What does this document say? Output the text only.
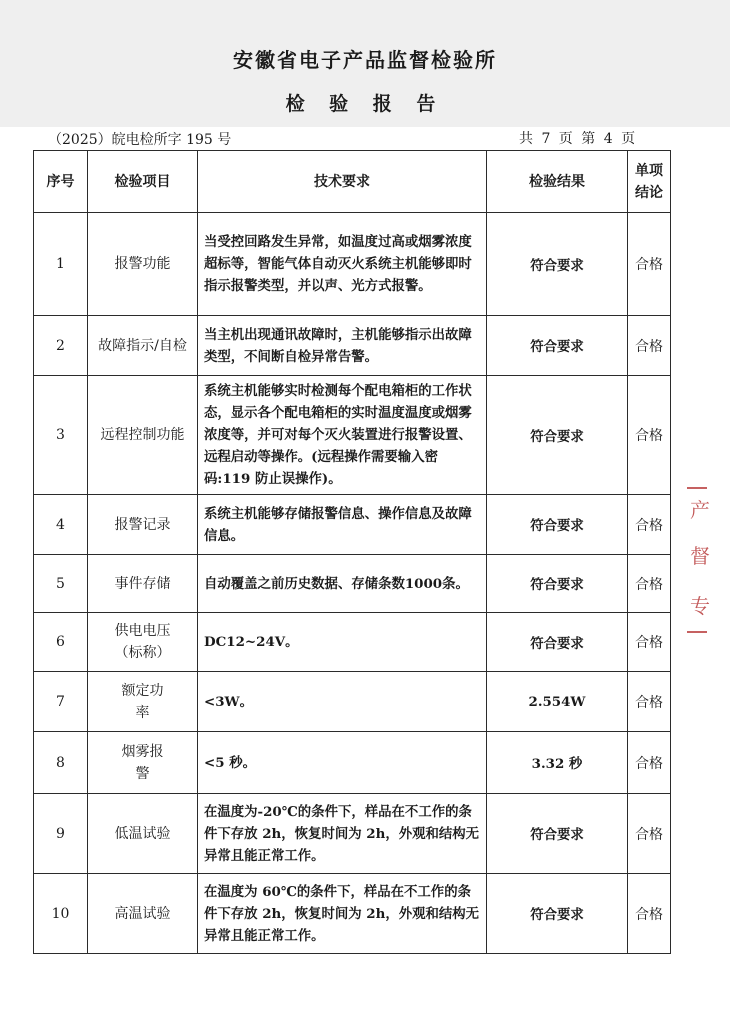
安徽省电子产品监督检验所
检 验 报 告
（2025）皖电检所字 195 号	共 7 页 第 4 页
序号	检验项目	技术要求	检验结果	单项结论
1	报警功能	当受控回路发生异常，如温度过高或烟雾浓度超标等，智能气体自动灭火系统主机能够即时指示报警类型，并以声、光方式报警。	符合要求	合格
2	故障指示/自检	当主机出现通讯故障时，主机能够指示出故障类型，不间断自检异常告警。	符合要求	合格
3	远程控制功能	系统主机能够实时检测每个配电箱柜的工作状态，显示各个配电箱柜的实时温度温度或烟雾浓度等，并可对每个灭火装置进行报警设置、远程启动等操作。(远程操作需要输入密码:119 防止误操作)。	符合要求	合格
4	报警记录	系统主机能够存储报警信息、操作信息及故障信息。	符合要求	合格
5	事件存储	自动覆盖之前历史数据、存储条数1000条。	符合要求	合格
6	供电电压（标称）	DC12~24V。	符合要求	合格
7	额定功率	<3W。	2.554W	合格
8	烟雾报警	<5 秒。	3.32 秒	合格
9	低温试验	在温度为-20℃的条件下，样品在不工作的条件下存放 2h，恢复时间为 2h，外观和结构无异常且能正常工作。	符合要求	合格
10	高温试验	在温度为 60℃的条件下，样品在不工作的条件下存放 2h，恢复时间为 2h，外观和结构无异常且能正常工作。	符合要求	合格
产
督
专
